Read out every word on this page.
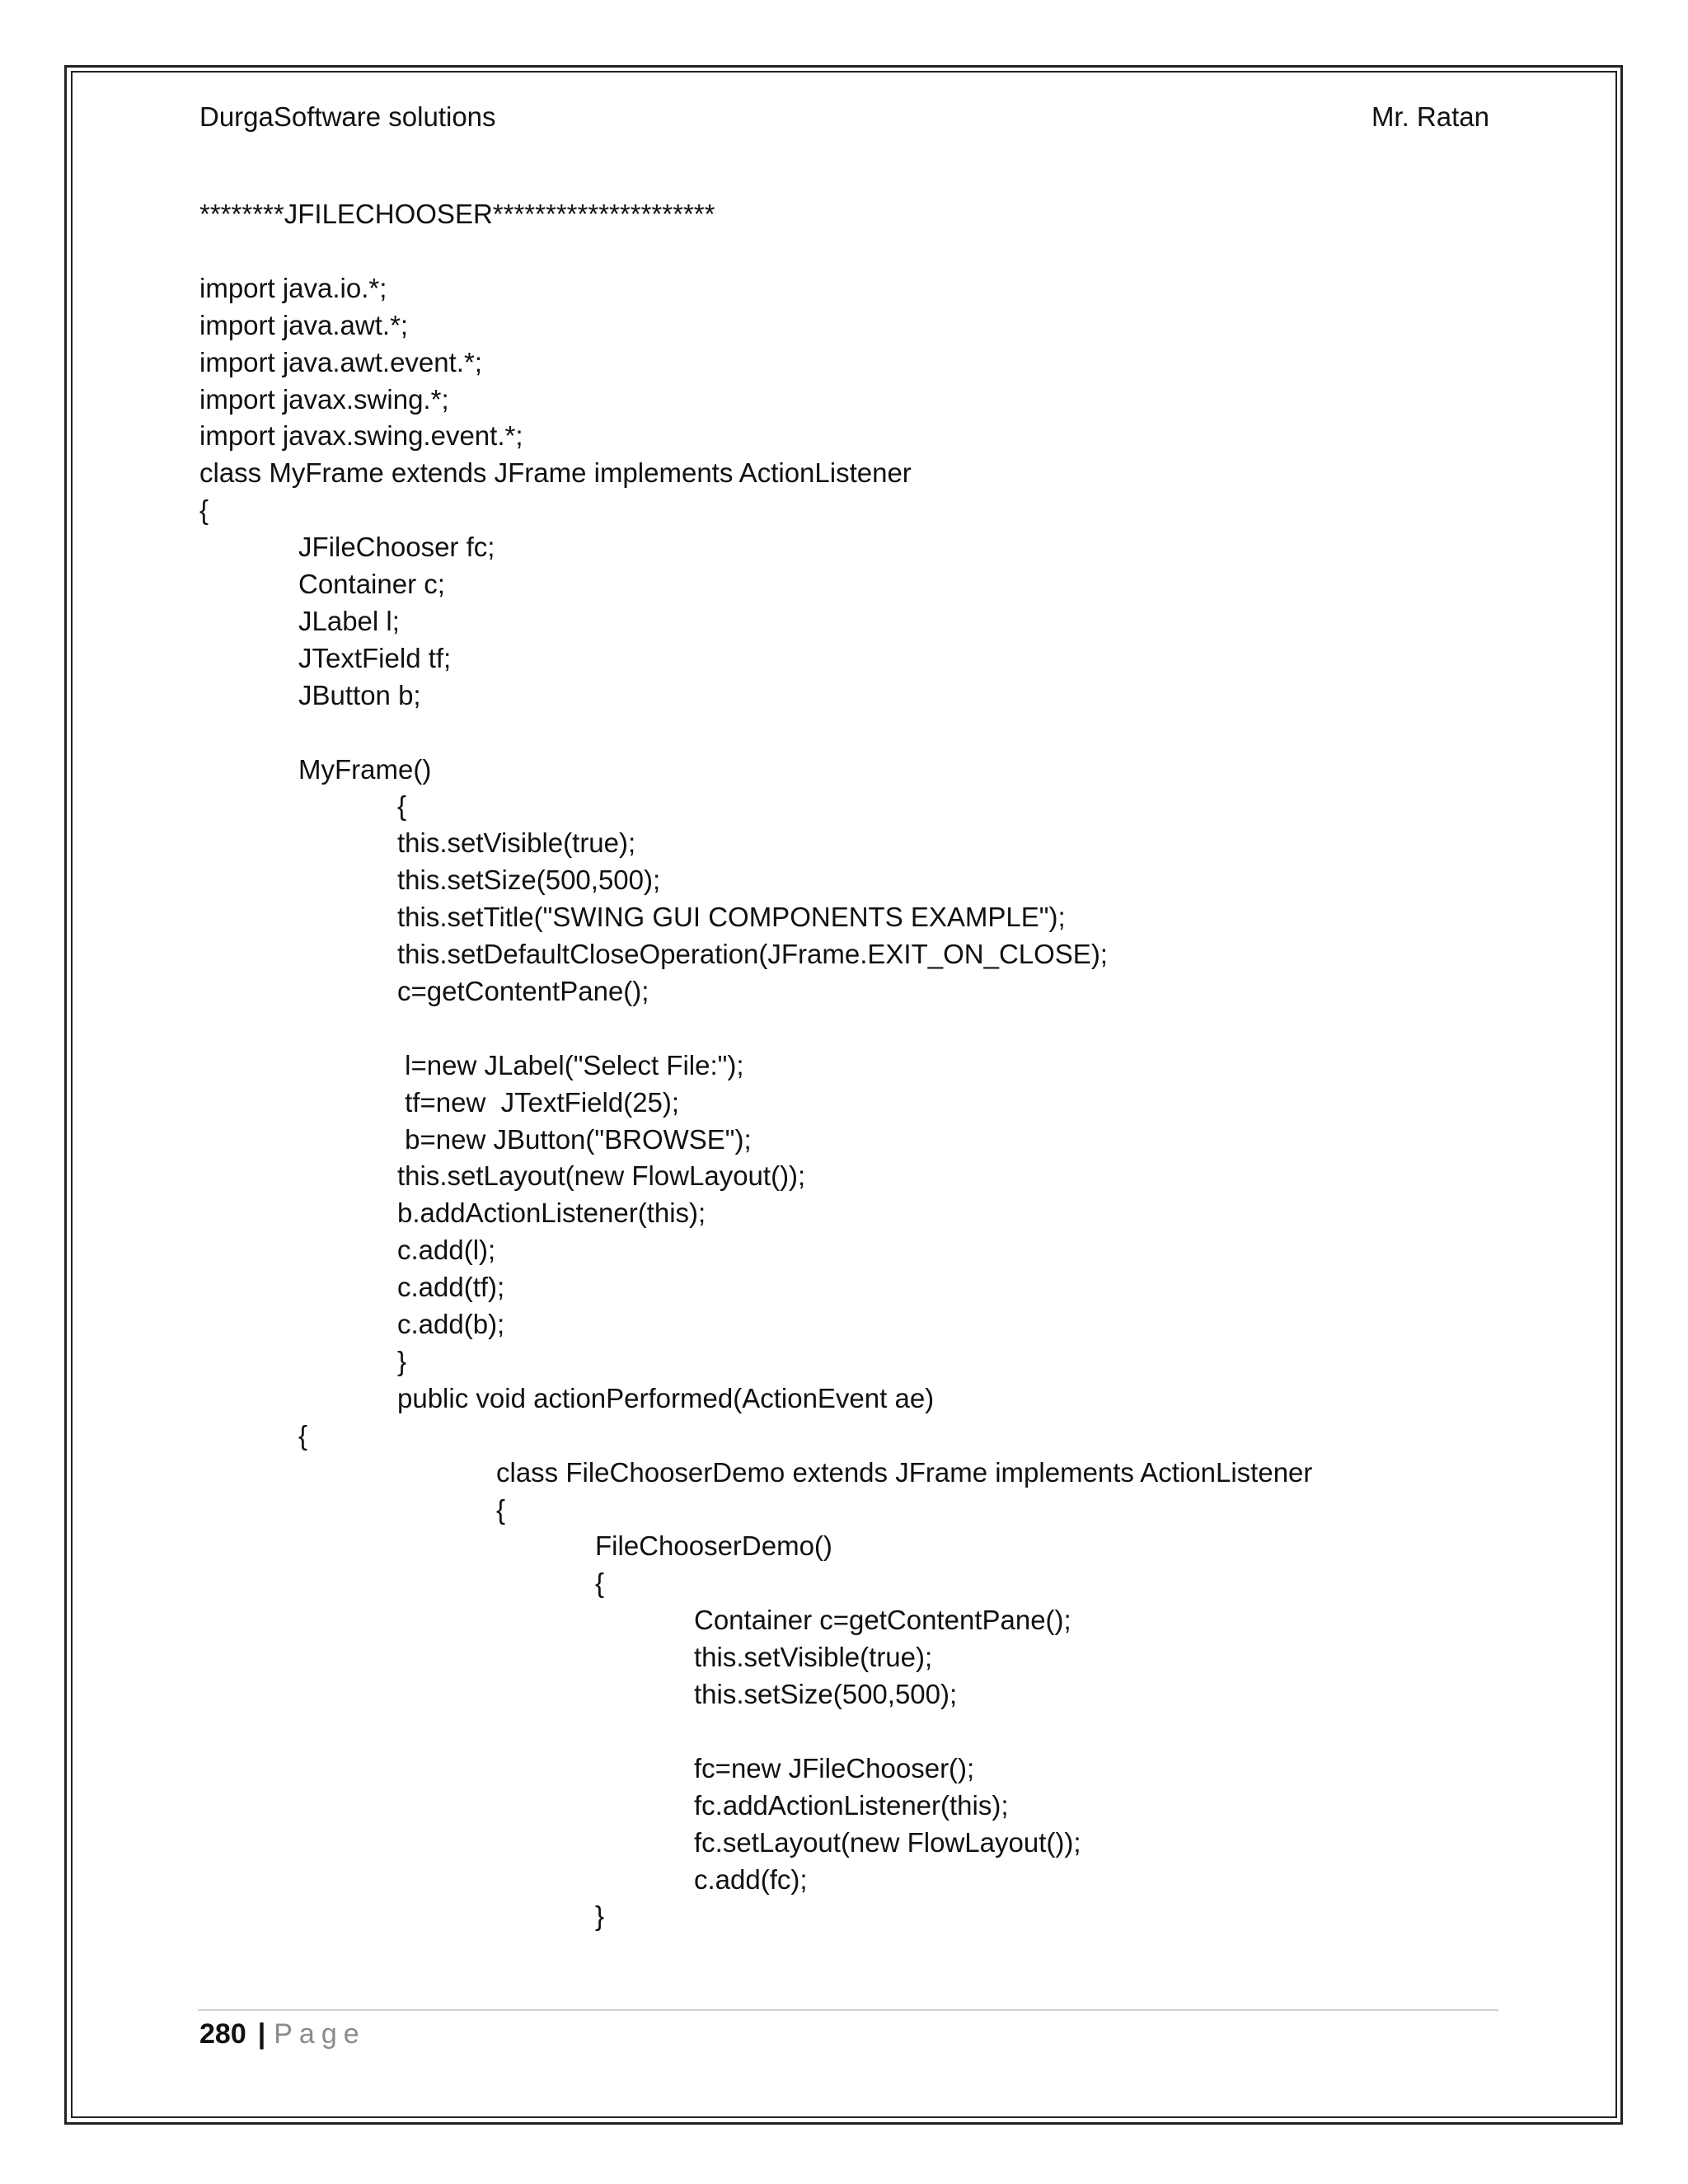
DurgaSoftware solutions	Mr. Ratan
********JFILECHOOSER*********************
import java.io.*;
import java.awt.*;
import java.awt.event.*;
import javax.swing.*;
import javax.swing.event.*;
class MyFrame extends JFrame implements ActionListener
{
JFileChooser fc;
Container c;
JLabel l;
JTextField tf;
JButton b;
MyFrame()
{
this.setVisible(true);
this.setSize(500,500);
this.setTitle("SWING GUI COMPONENTS EXAMPLE");
this.setDefaultCloseOperation(JFrame.EXIT_ON_CLOSE);
c=getContentPane();
l=new JLabel("Select File:");
tf=new  JTextField(25);
b=new JButton("BROWSE");
this.setLayout(new FlowLayout());
b.addActionListener(this);
c.add(l);
c.add(tf);
c.add(b);
}
public void actionPerformed(ActionEvent ae)
{
class FileChooserDemo extends JFrame implements ActionListener
{
FileChooserDemo()
{
Container c=getContentPane();
this.setVisible(true);
this.setSize(500,500);
fc=new JFileChooser();
fc.addActionListener(this);
fc.setLayout(new FlowLayout());
c.add(fc);
}
280 | Page
